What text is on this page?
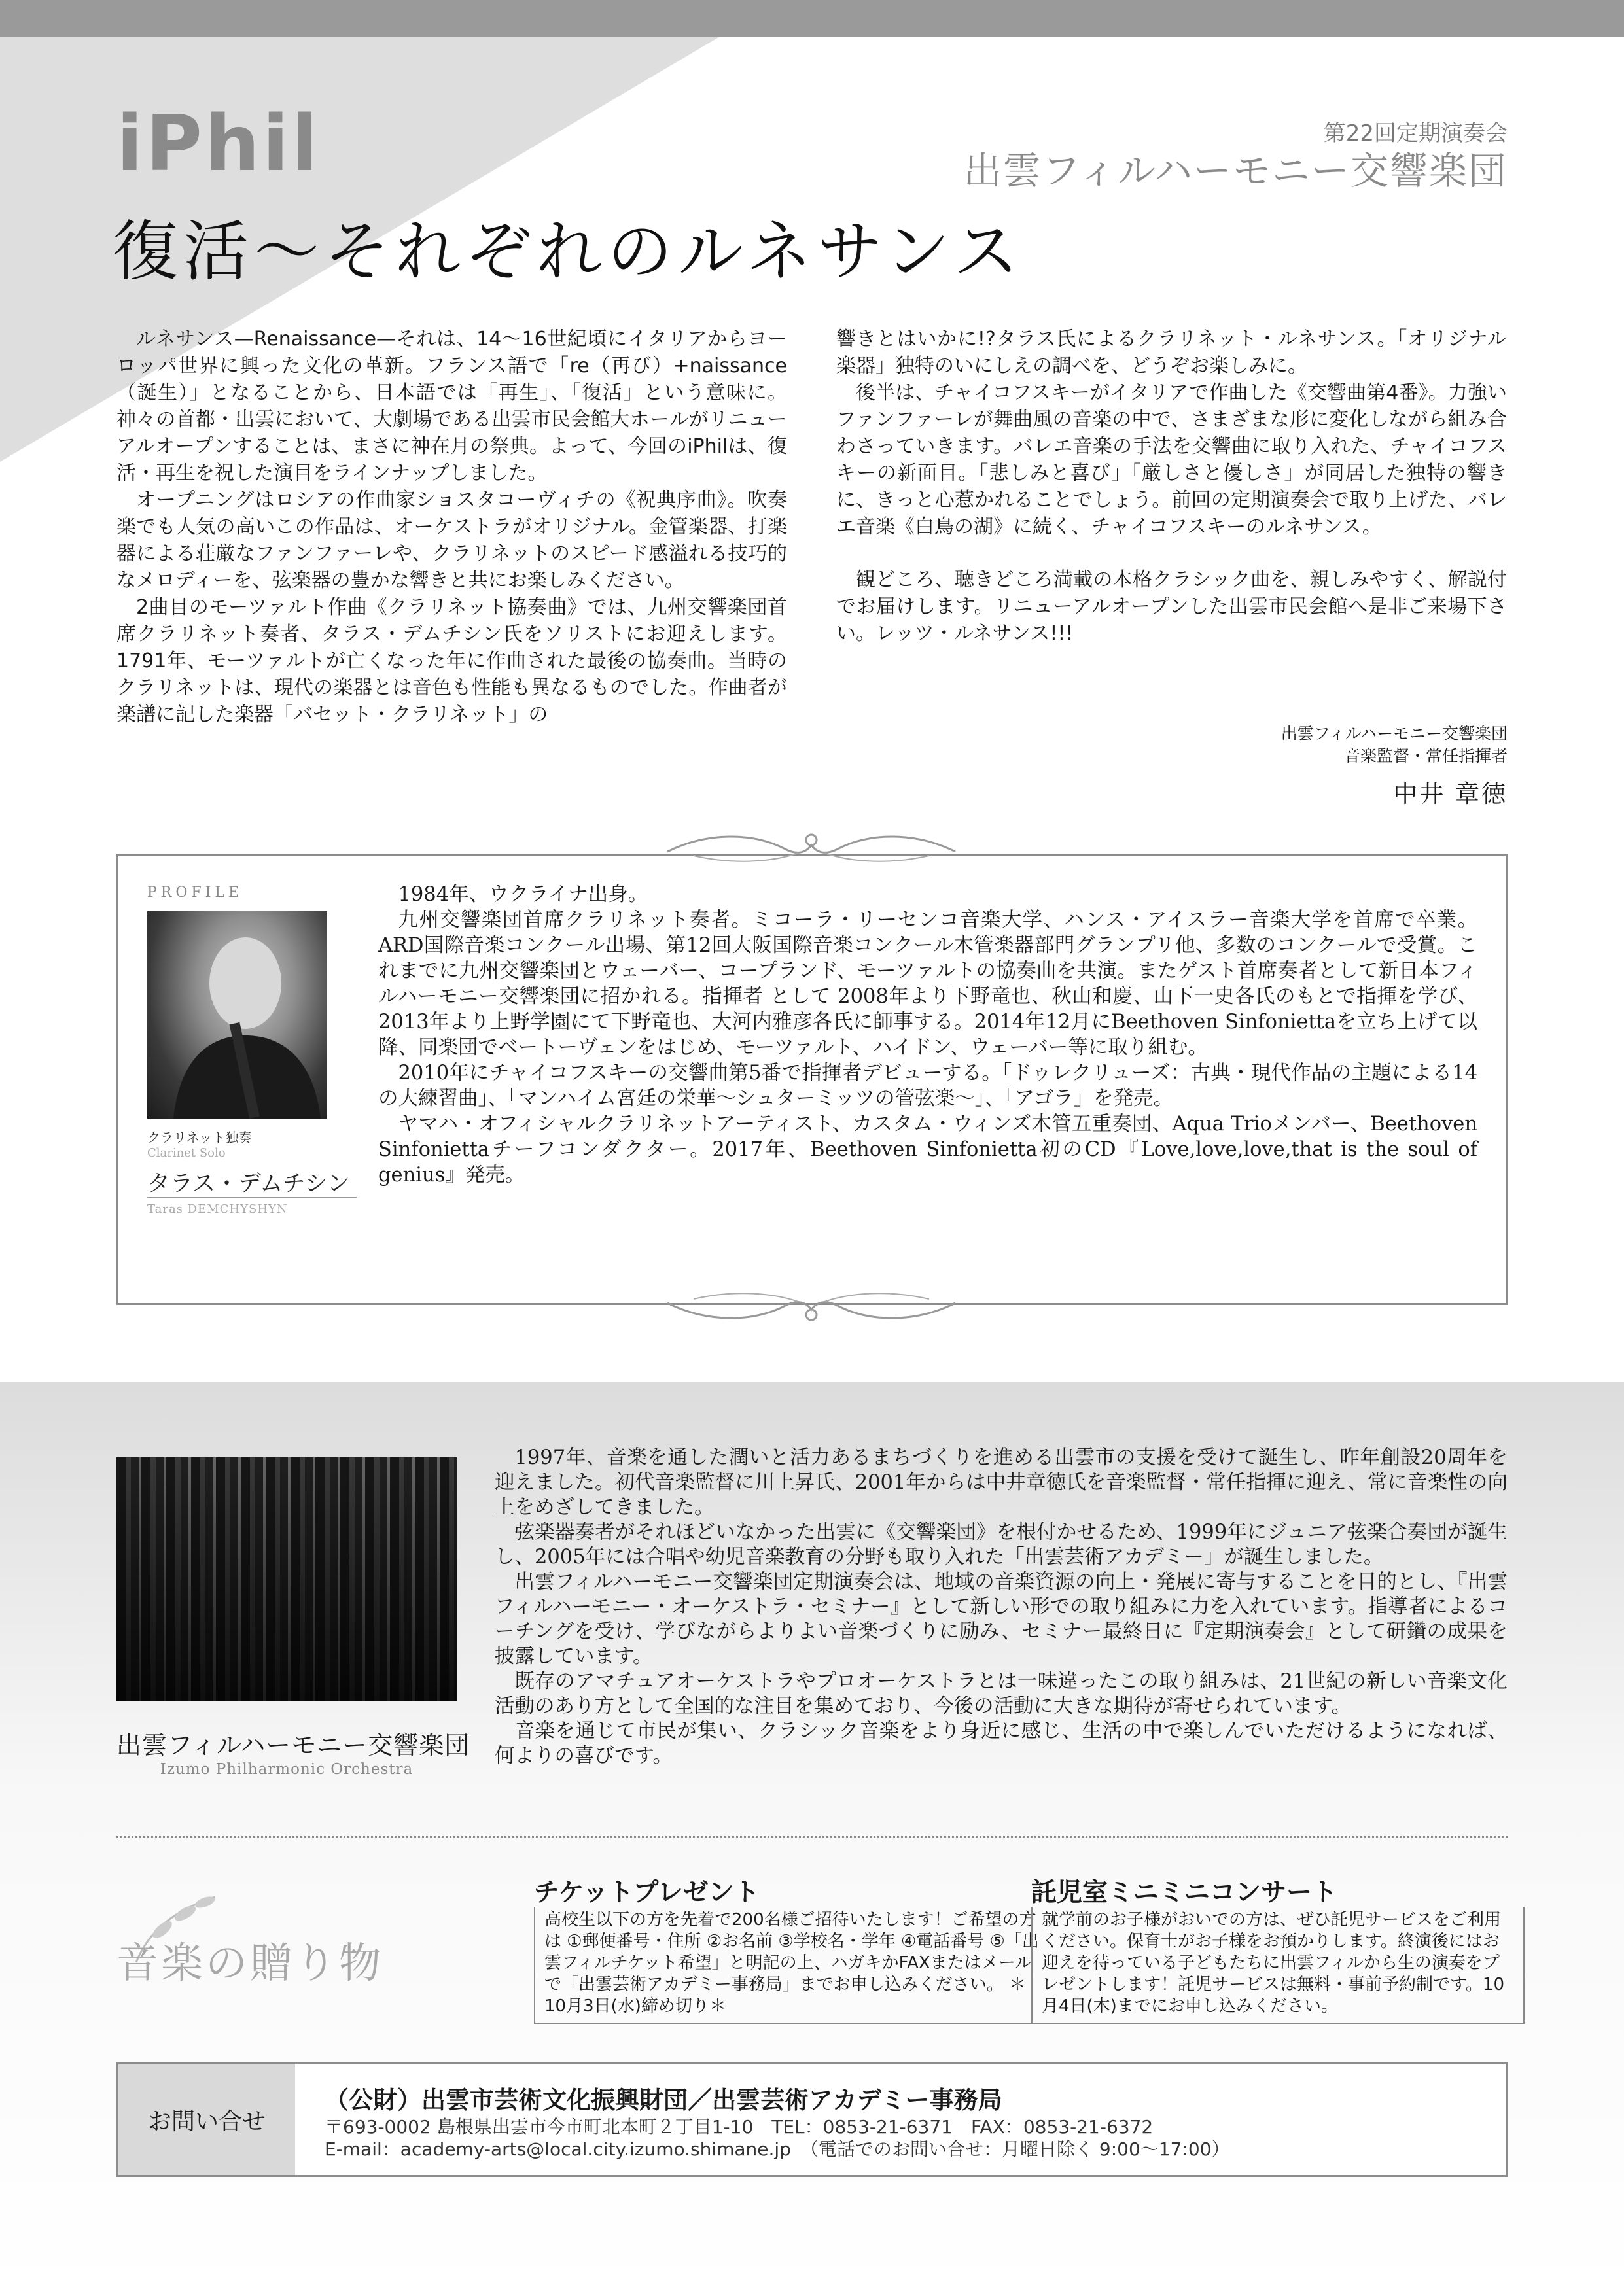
iPhil	第22回定期演奏会
出雲フィルハーモニー交響楽団
復活〜それぞれのルネサンス

ルネサンス—Renaissance—それは、14〜16世紀頃にイタリアからヨーロッパ世界に興った文化の革新。フランス語で「re（再び）+naissance（誕生）」となることから、日本語では「再生」、「復活」という意味に。神々の首都・出雲において、大劇場である出雲市民会館大ホールがリニューアルオープンすることは、まさに神在月の祭典。よって、今回のiPhilは、復活・再生を祝した演目をラインナップしました。

オープニングはロシアの作曲家ショスタコーヴィチの《祝典序曲》。吹奏楽でも人気の高いこの作品は、オーケストラがオリジナル。金管楽器、打楽器による荘厳なファンファーレや、クラリネットのスピード感溢れる技巧的なメロディーを、弦楽器の豊かな響きと共にお楽しみください。

2曲目のモーツァルト作曲《クラリネット協奏曲》では、九州交響楽団首席クラリネット奏者、タラス・デムチシン氏をソリストにお迎えします。1791年、モーツァルトが亡くなった年に作曲された最後の協奏曲。当時のクラリネットは、現代の楽器とは音色も性能も異なるものでした。作曲者が楽譜に記した楽器「バセット・クラリネット」の

響きとはいかに!?タラス氏によるクラリネット・ルネサンス。「オリジナル楽器」独特のいにしえの調べを、どうぞお楽しみに。

後半は、チャイコフスキーがイタリアで作曲した《交響曲第4番》。力強いファンファーレが舞曲風の音楽の中で、さまざまな形に変化しながら組み合わさっていきます。バレエ音楽の手法を交響曲に取り入れた、チャイコフスキーの新面目。「悲しみと喜び」「厳しさと優しさ」が同居した独特の響きに、きっと心惹かれることでしょう。前回の定期演奏会で取り上げた、バレエ音楽《白鳥の湖》に続く、チャイコフスキーのルネサンス。

観どころ、聴きどころ満載の本格クラシック曲を、親しみやすく、解説付でお届けします。リニューアルオープンした出雲市民会館へ是非ご来場下さい。レッツ・ルネサンス!!!

出雲フィルハーモニー交響楽団
音楽監督・常任指揮者
中井 章徳
PROFILE
クラリネット独奏
Clarinet Solo
タラス・デムチシン
Taras DEMCHYSHYN

1984年、ウクライナ出身。

九州交響楽団首席クラリネット奏者。ミコーラ・リーセンコ音楽大学、ハンス・アイスラー音楽大学を首席で卒業。ARD国際音楽コンクール出場、第12回大阪国際音楽コンクール木管楽器部門グランプリ他、多数のコンクールで受賞。これまでに九州交響楽団とウェーバー、コープランド、モーツァルトの協奏曲を共演。またゲスト首席奏者として新日本フィルハーモニー交響楽団に招かれる。指揮者 として 2008年より下野竜也、秋山和慶、山下一史各氏のもとで指揮を学び、2013年より上野学園にて下野竜也、大河内雅彦各氏に師事する。2014年12月にBeethoven Sinfoniettaを立ち上げて以降、同楽団でベートーヴェンをはじめ、モーツァルト、ハイドン、ウェーバー等に取り組む。

2010年にチャイコフスキーの交響曲第5番で指揮者デビューする。「ドゥレクリューズ：古典・現代作品の主題による14の大練習曲」、「マンハイム宮廷の栄華〜シュターミッツの管弦楽〜」、「アゴラ」を発売。

ヤマハ・オフィシャルクラリネットアーティスト、カスタム・ウィンズ木管五重奏団、Aqua Trioメンバー、Beethoven Sinfoniettaチーフコンダクター。2017年、Beethoven Sinfonietta初のCD『Love,love,love,that is the soul of genius』発売。

出雲フィルハーモニー交響楽団
Izumo Philharmonic Orchestra

1997年、音楽を通した潤いと活力あるまちづくりを進める出雲市の支援を受けて誕生し、昨年創設20周年を迎えました。初代音楽監督に川上昇氏、2001年からは中井章徳氏を音楽監督・常任指揮に迎え、常に音楽性の向上をめざしてきました。

弦楽器奏者がそれほどいなかった出雲に《交響楽団》を根付かせるため、1999年にジュニア弦楽合奏団が誕生し、2005年には合唱や幼児音楽教育の分野も取り入れた「出雲芸術アカデミー」が誕生しました。

出雲フィルハーモニー交響楽団定期演奏会は、地域の音楽資源の向上・発展に寄与することを目的とし、『出雲フィルハーモニー・オーケストラ・セミナー』として新しい形での取り組みに力を入れています。指導者によるコーチングを受け、学びながらよりよい音楽づくりに励み、セミナー最終日に『定期演奏会』として研鑽の成果を披露しています。

既存のアマチュアオーケストラやプロオーケストラとは一味違ったこの取り組みは、21世紀の新しい音楽文化活動のあり方として全国的な注目を集めており、今後の活動に大きな期待が寄せられています。

音楽を通じて市民が集い、クラシック音楽をより身近に感じ、生活の中で楽しんでいただけるようになれば、何よりの喜びです。

音楽の贈り物
チケットプレゼント
高校生以下の方を先着で200名様ご招待いたします！ご希望の方は ①郵便番号・住所 ②お名前 ③学校名・学年 ④電話番号 ⑤「出雲フィルチケット希望」と明記の上、ハガキかFAXまたはメールで「出雲芸術アカデミー事務局」までお申し込みください。 ＊10月3日(水)締め切り＊
託児室ミニミニコンサート
就学前のお子様がおいでの方は、ぜひ託児サービスをご利用ください。保育士がお子様をお預かりします。終演後にはお迎えを待っている子どもたちに出雲フィルから生の演奏をプレゼントします！託児サービスは無料・事前予約制です。10月4日(木)までにお申し込みください。
お問い合せ
（公財）出雲市芸術文化振興財団／出雲芸術アカデミー事務局
〒693-0002 島根県出雲市今市町北本町２丁目1-10　TEL：0853-21-6371　FAX：0853-21-6372
E-mail：academy-arts@local.city.izumo.shimane.jp　（電話でのお問い合せ：月曜日除く 9:00〜17:00）
